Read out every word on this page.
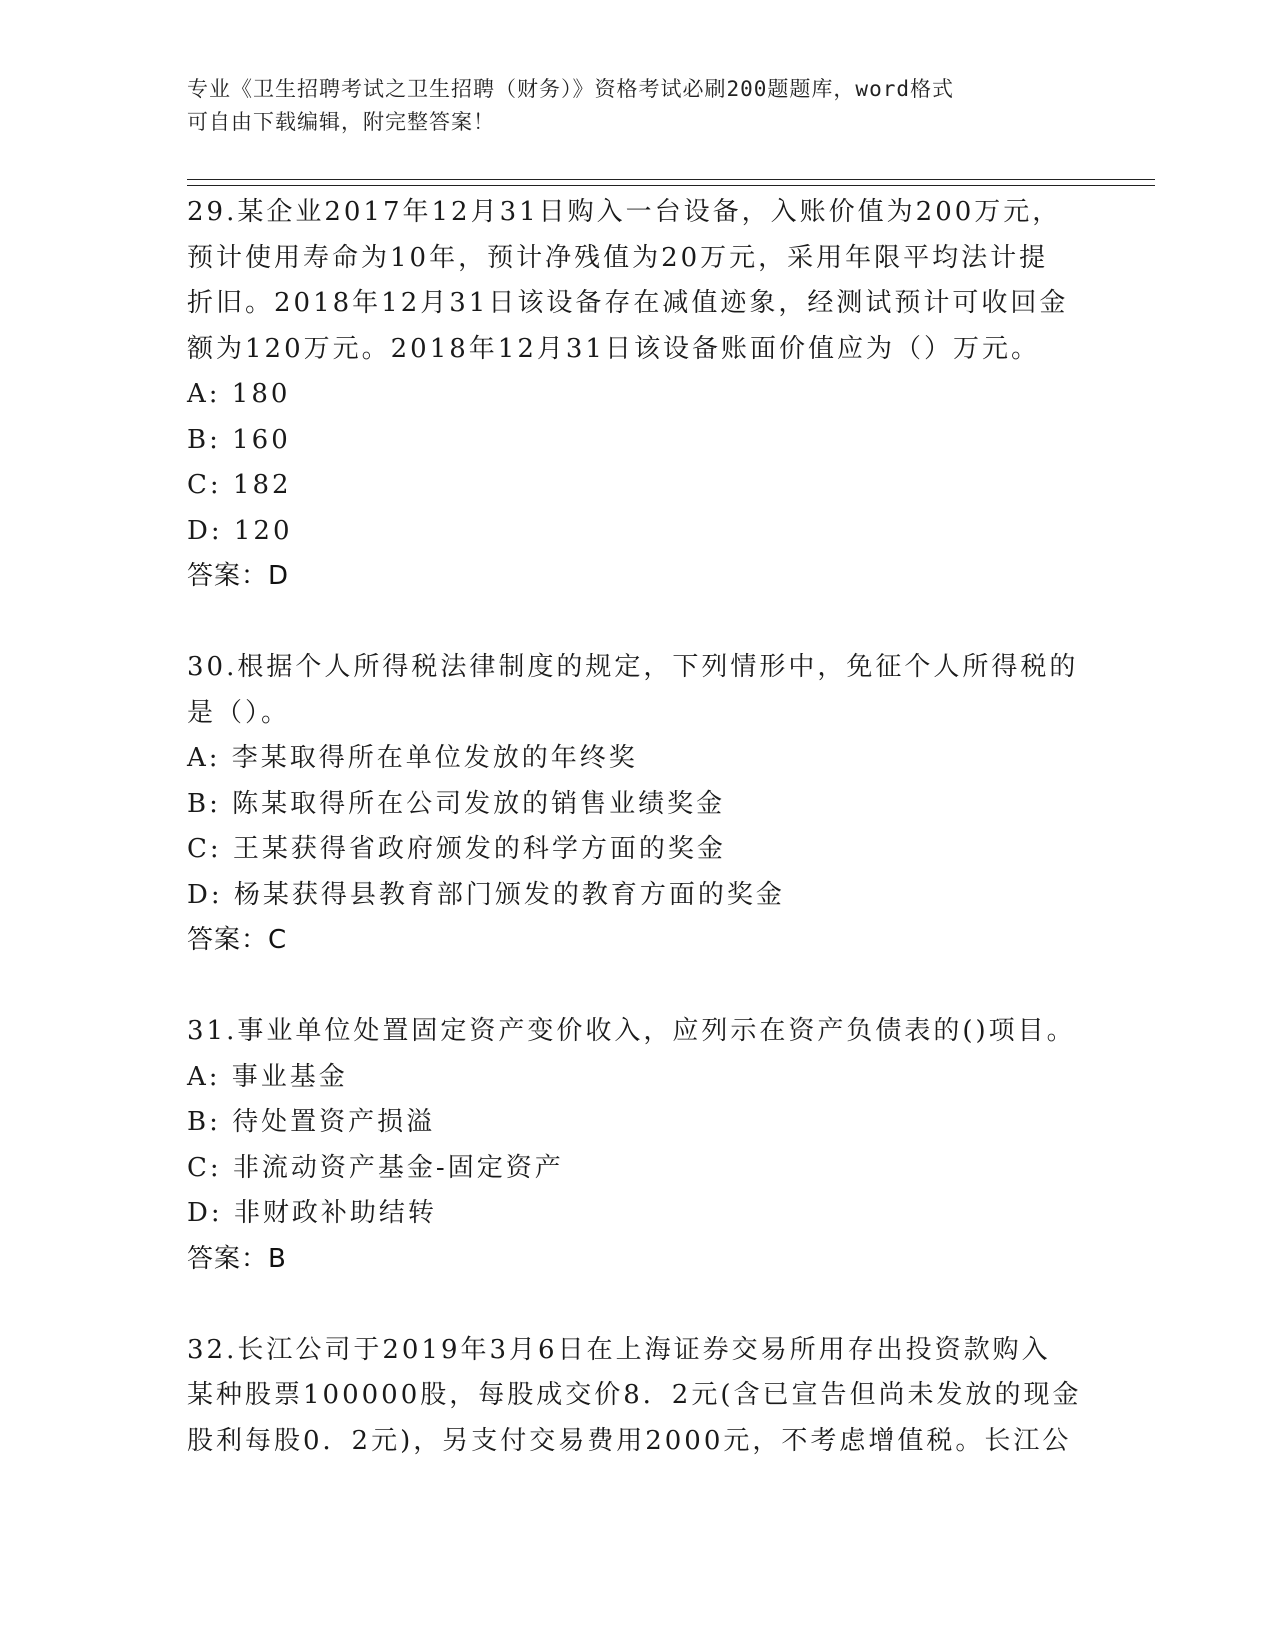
专业《卫生招聘考试之卫生招聘（财务）》资格考试必刷200题题库，word格式
可自由下载编辑，附完整答案！
29.某企业2017年12月31日购入一台设备，入账价值为200万元，
预计使用寿命为10年，预计净残值为20万元，采用年限平均法计提
折旧。2018年12月31日该设备存在减值迹象，经测试预计可收回金
额为120万元。2018年12月31日该设备账面价值应为（）万元。
A: 180
B: 160
C: 182
D: 120
答案：D
30.根据个人所得税法律制度的规定，下列情形中，免征个人所得税的
是（）。
A: 李某取得所在单位发放的年终奖
B: 陈某取得所在公司发放的销售业绩奖金
C: 王某获得省政府颁发的科学方面的奖金
D: 杨某获得县教育部门颁发的教育方面的奖金
答案：C
31.事业单位处置固定资产变价收入，应列示在资产负债表的()项目。
A: 事业基金
B: 待处置资产损溢
C: 非流动资产基金-固定资产
D: 非财政补助结转
答案：B
32.长江公司于2019年3月6日在上海证券交易所用存出投资款购入
某种股票100000股，每股成交价8．2元(含已宣告但尚未发放的现金
股利每股0．2元)，另支付交易费用2000元，不考虑增值税。长江公
